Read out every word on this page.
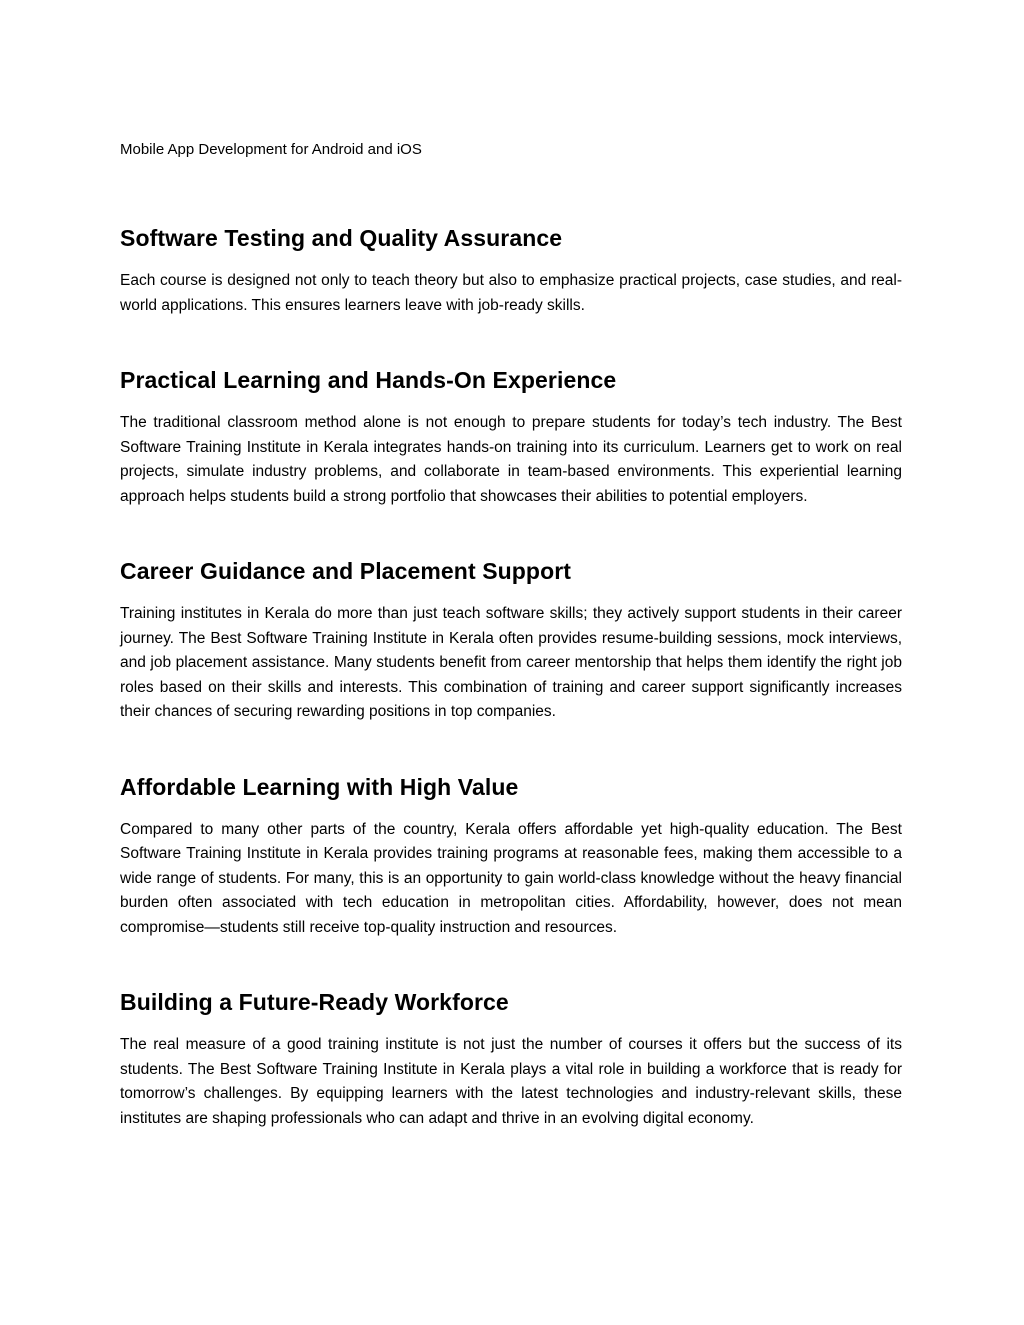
Mobile App Development for Android and iOS

Software Testing and Quality Assurance

Each course is designed not only to teach theory but also to emphasize practical projects, case studies, and real-world applications. This ensures learners leave with job-ready skills.

Practical Learning and Hands-On Experience

The traditional classroom method alone is not enough to prepare students for today’s tech industry. The Best Software Training Institute in Kerala integrates hands-on training into its curriculum. Learners get to work on real projects, simulate industry problems, and collaborate in team-based environments. This experiential learning approach helps students build a strong portfolio that showcases their abilities to potential employers.

Career Guidance and Placement Support

Training institutes in Kerala do more than just teach software skills; they actively support students in their career journey. The Best Software Training Institute in Kerala often provides resume-building sessions, mock interviews, and job placement assistance. Many students benefit from career mentorship that helps them identify the right job roles based on their skills and interests. This combination of training and career support significantly increases their chances of securing rewarding positions in top companies.

Affordable Learning with High Value

Compared to many other parts of the country, Kerala offers affordable yet high-quality education. The Best Software Training Institute in Kerala provides training programs at reasonable fees, making them accessible to a wide range of students. For many, this is an opportunity to gain world-class knowledge without the heavy financial burden often associated with tech education in metropolitan cities. Affordability, however, does not mean compromise—students still receive top-quality instruction and resources.

Building a Future-Ready Workforce

The real measure of a good training institute is not just the number of courses it offers but the success of its students. The Best Software Training Institute in Kerala plays a vital role in building a workforce that is ready for tomorrow’s challenges. By equipping learners with the latest technologies and industry-relevant skills, these institutes are shaping professionals who can adapt and thrive in an evolving digital economy.
